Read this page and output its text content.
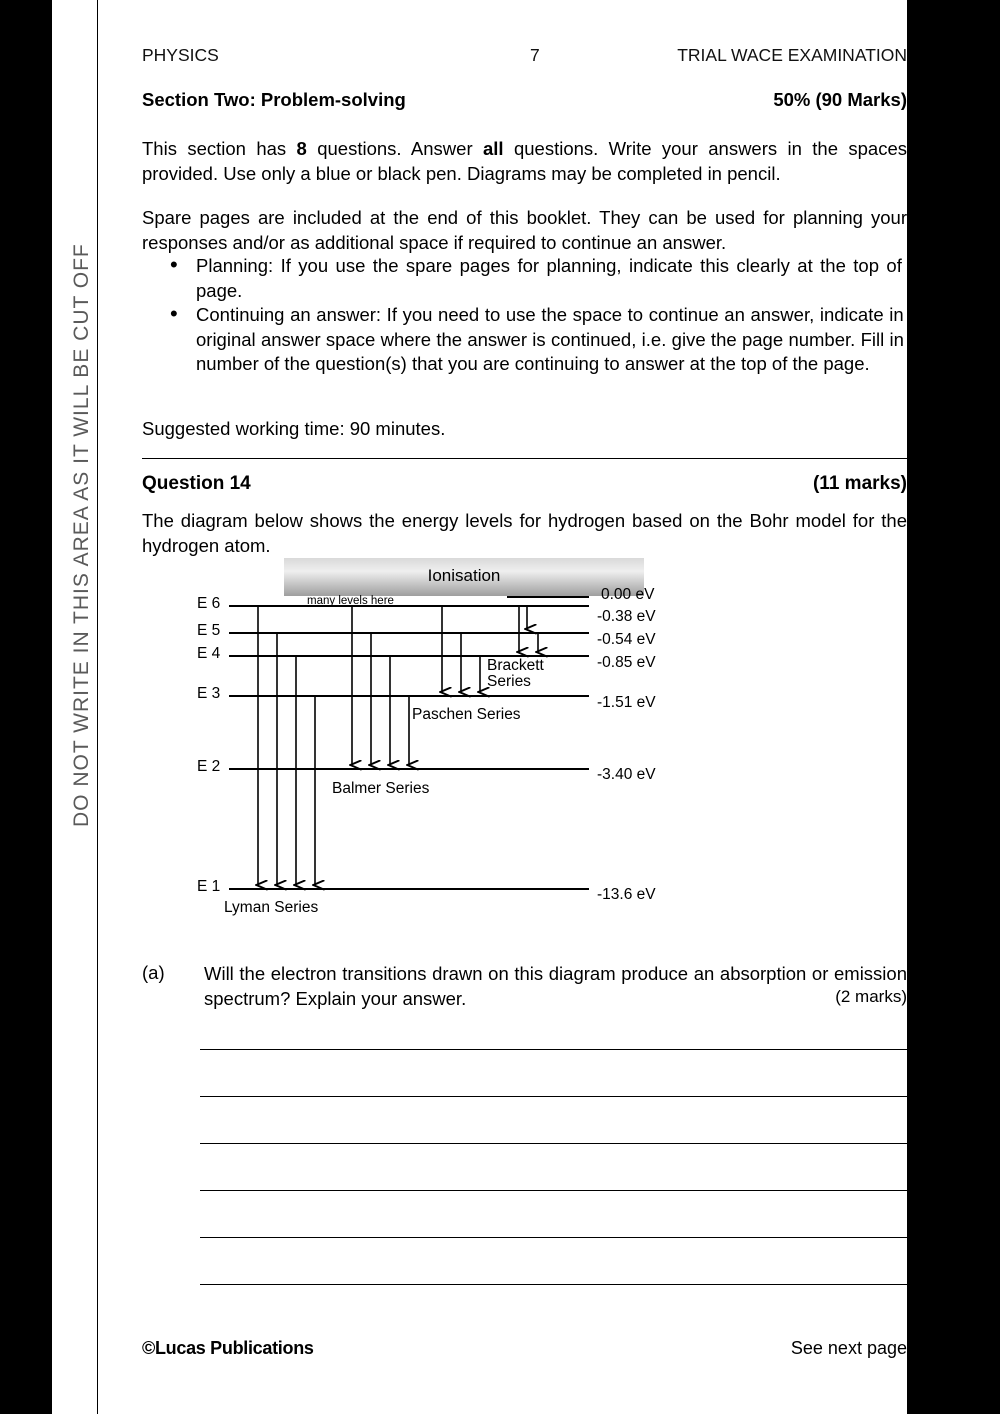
DO NOT WRITE IN THIS AREA AS IT WILL BE CUT OFF
PHYSICS	7	TRIAL WACE EXAMINATION
50% (90 Marks)
Section Two: Problem-solving

This section has 8 questions. Answer all questions. Write your answers in the spaces provided. Use only a blue or black pen. Diagrams may be completed in pencil.

Spare pages are included at the end of this booklet. They can be used for planning your responses and/or as additional space if required to continue an answer.

• Planning: If you use the spare pages for planning, indicate this clearly at the top of the page.
• Continuing an answer: If you need to use the space to continue an answer, indicate in the original answer space where the answer is continued, i.e. give the page number. Fill in the number of the question(s) that you are continuing to answer at the top of the page.

Suggested working time: 90 minutes.

(11 marks)
Question 14

The diagram below shows the energy levels for hydrogen based on the Bohr model for the hydrogen atom.

Ionisation
E 6
E 5
E 4
E 3
E 2
E 1
0.00 eV
-0.38 eV
-0.54 eV
-0.85 eV
-1.51 eV
-3.40 eV
-13.6 eV
many levels here
Brackett
Series
Paschen Series
Balmer Series
Lyman Series
(a) Will the electron transitions drawn on this diagram produce an absorption or emission spectrum? Explain your answer.	(2 marks)
©Lucas Publications	See next page
